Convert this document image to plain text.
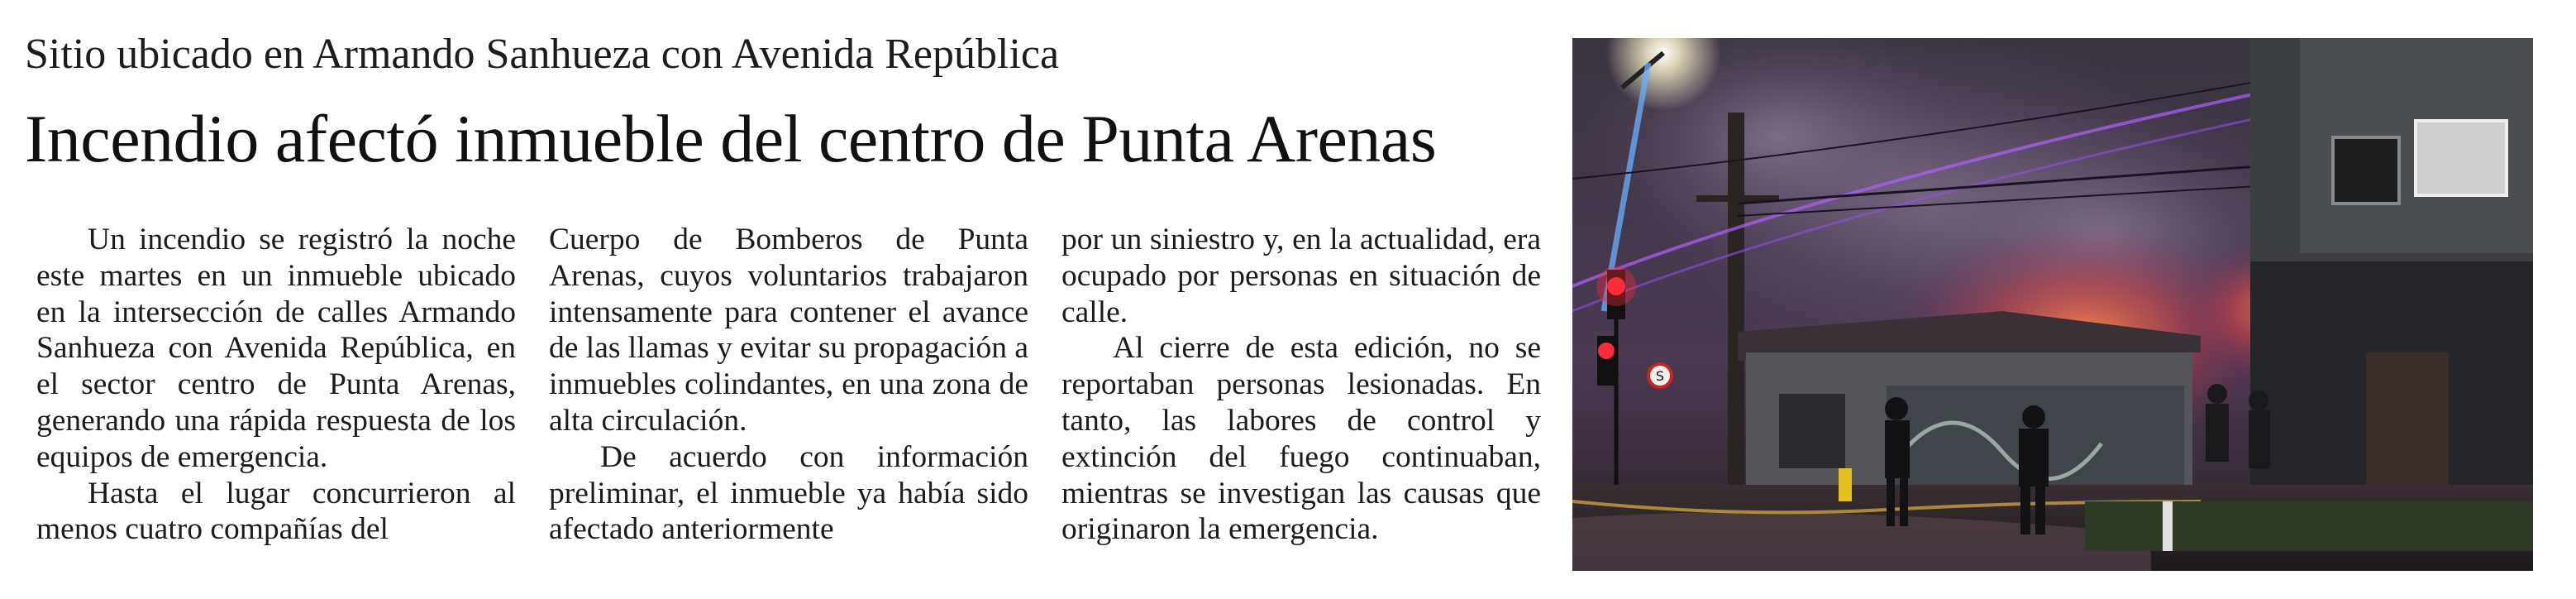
Sitio ubicado en Armando Sanhueza con Avenida República
Incendio afectó inmueble del centro de Punta Arenas

Un incendio se registró la noche este martes en un inmueble ubicado en la intersección de calles Armando Sanhueza con Avenida República, en el sector centro de Punta Arenas, generando una rápida respuesta de los equipos de emergencia.

Hasta el lugar concurrieron al menos cuatro compañías del

Cuerpo de Bomberos de Punta Arenas, cuyos voluntarios trabajaron intensamente para contener el avance de las llamas y evitar su propagación a inmuebles colindantes, en una zona de alta circulación.

De acuerdo con información preliminar, el inmueble ya había sido afectado anteriormente

por un siniestro y, en la actualidad, era ocupado por personas en situación de calle.

Al cierre de esta edición, no se reportaban personas lesionadas. En tanto, las labores de control y extinción del fuego continuaban, mientras se investigan las causas que originaron la emergencia.

S
